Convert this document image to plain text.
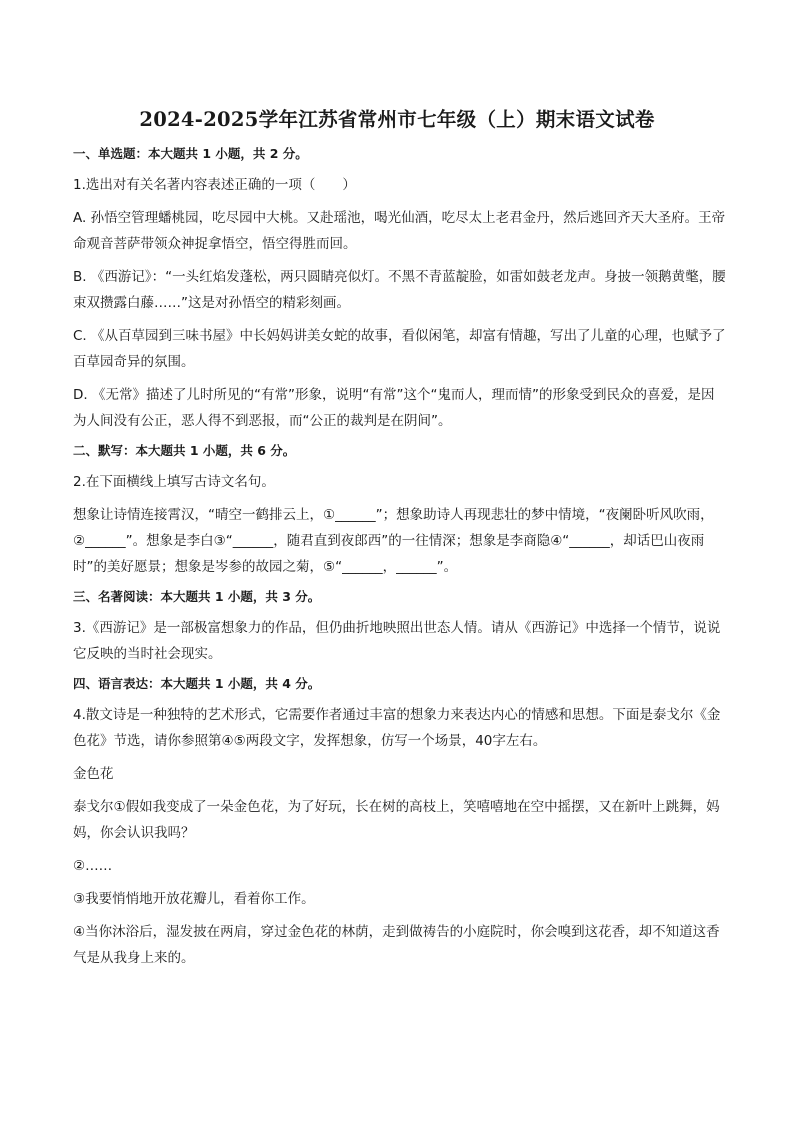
2024-2025学年江苏省常州市七年级（上）期末语文试卷
一、单选题：本大题共 1 小题，共 2 分。

1.选出对有关名著内容表述正确的一项（　　）

A. 孙悟空管理蟠桃园，吃尽园中大桃。又赴瑶池，喝光仙酒，吃尽太上老君金丹，然后逃回齐天大圣府。王帝命观音菩萨带领众神捉拿悟空，悟空得胜而回。

B. 《西游记》：“一头红焰发蓬松，两只圆睛亮似灯。不黑不青蓝靛脸，如雷如鼓老龙声。身披一领鹅黄氅，腰束双攒露白藤……”这是对孙悟空的精彩刻画。

C. 《从百草园到三味书屋》中长妈妈讲美女蛇的故事，看似闲笔，却富有情趣，写出了儿童的心理，也赋予了百草园奇异的氛围。

D. 《无常》描述了儿时所见的“有常”形象，说明“有常”这个“鬼而人，理而情”的形象受到民众的喜爱，是因为人间没有公正，恶人得不到恶报，而“公正的裁判是在阴间”。

二、默写：本大题共 1 小题，共 6 分。

2.在下面横线上填写古诗文名句。

想象让诗情连接霄汉，“晴空一鹤排云上，①______”；想象助诗人再现悲壮的梦中情境，“夜阑卧听风吹雨，②______”。想象是李白③“______，随君直到夜郎西”的一往情深；想象是李商隐④“______，却话巴山夜雨时”的美好愿景；想象是岑参的故园之菊，⑤“______，______”。

三、名著阅读：本大题共 1 小题，共 3 分。

3.《西游记》是一部极富想象力的作品，但仍曲折地映照出世态人情。请从《西游记》中选择一个情节，说说它反映的当时社会现实。

四、语言表达：本大题共 1 小题，共 4 分。

4.散文诗是一种独特的艺术形式，它需要作者通过丰富的想象力来表达内心的情感和思想。下面是泰戈尔《金色花》节选，请你参照第④⑤两段文字，发挥想象，仿写一个场景，40字左右。

金色花

泰戈尔①假如我变成了一朵金色花，为了好玩，长在树的高枝上，笑嘻嘻地在空中摇摆，又在新叶上跳舞，妈妈，你会认识我吗？

②……

③我要悄悄地开放花瓣儿，看着你工作。

④当你沐浴后，湿发披在两肩，穿过金色花的林荫，走到做祷告的小庭院时，你会嗅到这花香，却不知道这香气是从我身上来的。
